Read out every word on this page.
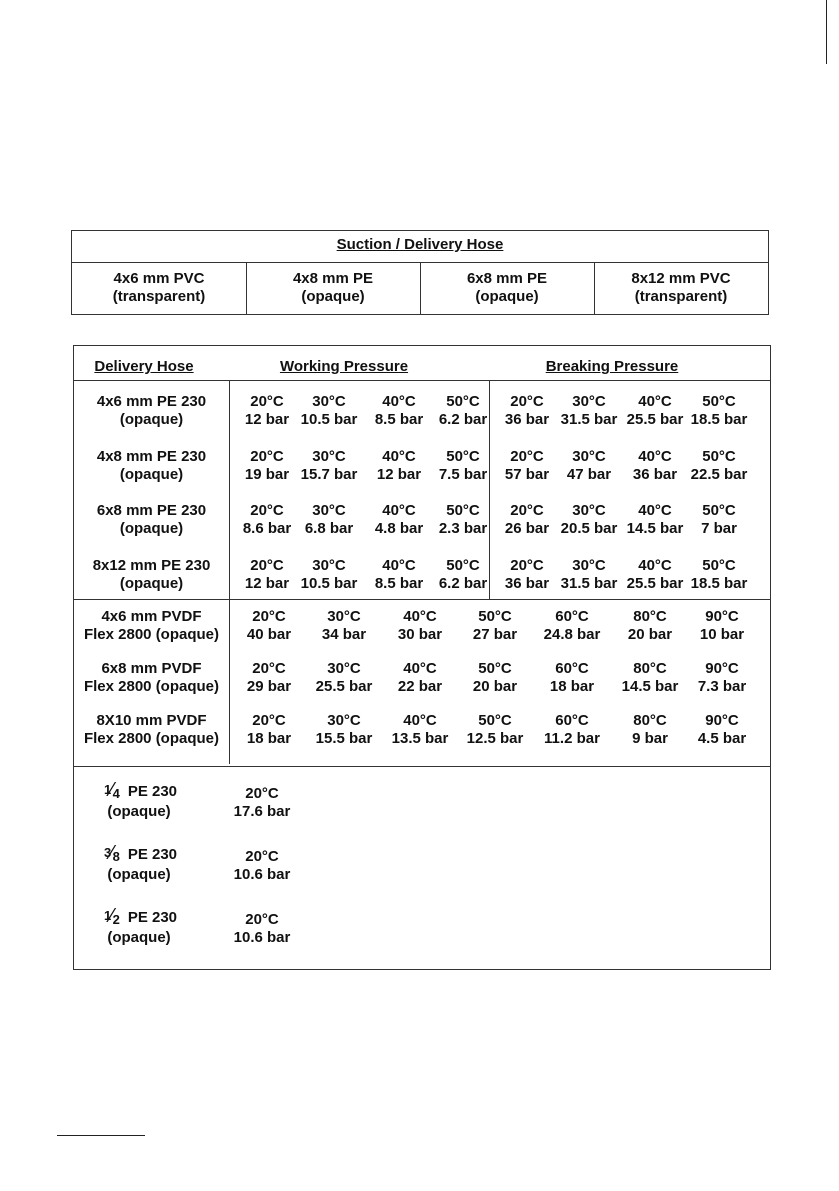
Suction / Delivery Hose
4x6 mm PVC
(transparent)
4x8 mm PE
(opaque)
6x8 mm PE
(opaque)
8x12 mm PVC
(transparent)
Delivery Hose	Working Pressure	Breaking Pressure
4x6 mm PE 230
(opaque)
20°C
12 bar
30°C
10.5 bar
40°C
8.5 bar
50°C
6.2 bar
20°C
36 bar
30°C
31.5 bar
40°C
25.5 bar
50°C
18.5 bar
4x8 mm PE 230
(opaque)
20°C
19 bar
30°C
15.7 bar
40°C
12 bar
50°C
7.5 bar
20°C
57 bar
30°C
47 bar
40°C
36 bar
50°C
22.5 bar
6x8 mm PE 230
(opaque)
20°C
8.6 bar
30°C
6.8 bar
40°C
4.8 bar
50°C
2.3 bar
20°C
26 bar
30°C
20.5 bar
40°C
14.5 bar
50°C
7 bar
8x12 mm PE 230
(opaque)
20°C
12 bar
30°C
10.5 bar
40°C
8.5 bar
50°C
6.2 bar
20°C
36 bar
30°C
31.5 bar
40°C
25.5 bar
50°C
18.5 bar
4x6 mm PVDF
Flex 2800 (opaque)
20°C
40 bar
30°C
34 bar
40°C
30 bar
50°C
27 bar
60°C
24.8 bar
80°C
20 bar
90°C
10 bar
6x8 mm PVDF
Flex 2800 (opaque)
20°C
29 bar
30°C
25.5 bar
40°C
22 bar
50°C
20 bar
60°C
18 bar
80°C
14.5 bar
90°C
7.3 bar
8X10 mm PVDF
Flex 2800 (opaque)
20°C
18 bar
30°C
15.5 bar
40°C
13.5 bar
50°C
12.5 bar
60°C
11.2 bar
80°C
9 bar
90°C
4.5 bar
$^1⁄_4$ PE 230
(opaque)
20°C
17.6 bar
$^3⁄_8$ PE 230
(opaque)
20°C
10.6 bar
$^1⁄_2$ PE 230
(opaque)
20°C
10.6 bar
